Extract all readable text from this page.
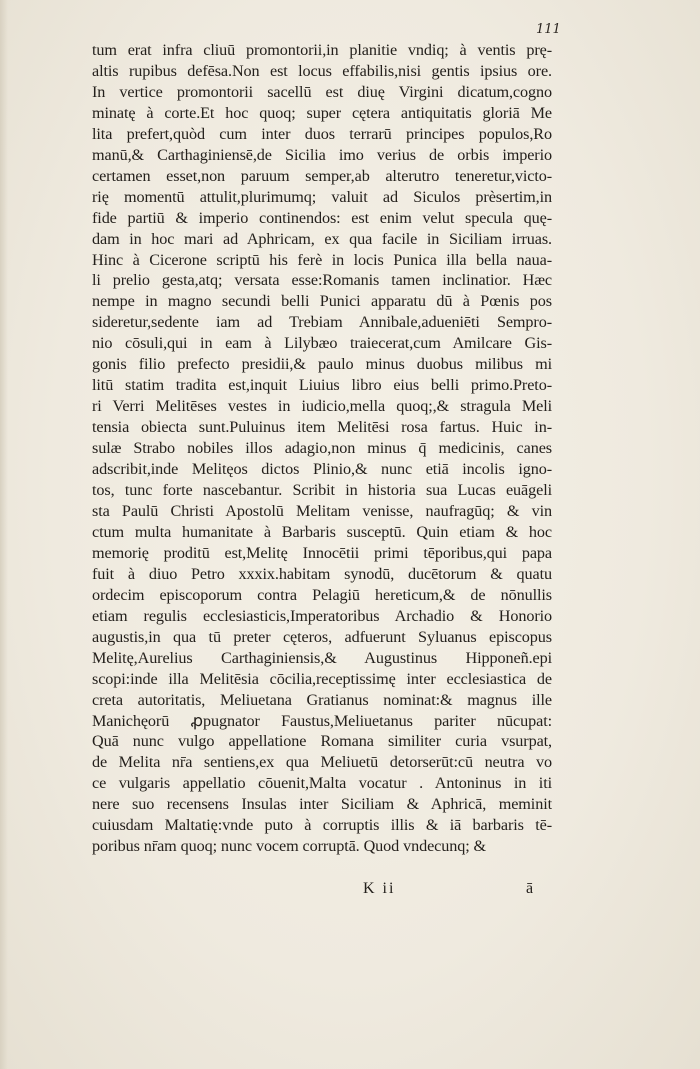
111
tum erat infra cliuū promontorii,in planitie vndiq; à ventis prę-
altis rupibus defēsa.Non est locus effabilis,nisi gentis ipsius ore.
In vertice promontorii sacellū est diuę Virgini dicatum,cogno
minatę à corte.Et hoc quoq; super cętera antiquitatis gloriā Me
lita prefert,quòd cum inter duos terrarū principes populos,Ro
manū,& Carthaginiensē,de Sicilia imo verius de orbis imperio
certamen esset,non paruum semper,ab alterutro teneretur,victo-
rię momentū attulit,plurimumq; valuit ad Siculos prèsertim,in
fide partiū & imperio continendos: est enim velut specula quę-
dam in hoc mari ad Aphricam, ex qua facile in Siciliam irruas.
Hinc à Cicerone scriptū his ferè in locis Punica illa bella naua-
li prelio gesta,atq; versata esse:Romanis tamen inclinatior. Hæc
nempe in magno secundi belli Punici apparatu dū à Pœnis pos
sideretur,sedente iam ad Trebiam Annibale,adueniēti Sempro-
nio cōsuli,qui in eam à Lilybæo traiecerat,cum Amilcare Gis-
gonis filio prefecto presidii,& paulo minus duobus milibus mi
litū statim tradita est,inquit Liuius libro eius belli primo.Preto-
ri Verri Melitēses vestes in iudicio,mella quoq;,& stragula Meli
tensia obiecta sunt.Puluinus item Melitēsi rosa fartus. Huic in-
sulæ Strabo nobiles illos adagio,non minus q̄ medicinis, canes
adscribit,inde Melitęos dictos Plinio,& nunc etiā incolis igno-
tos, tunc forte nascebantur. Scribit in historia sua Lucas euāgeli
sta Paulū Christi Apostolū Melitam venisse, naufragūq; & vin
ctum multa humanitate à Barbaris susceptū. Quin etiam & hoc
memorię proditū est,Melitę Innocētii primi tēporibus,qui papa
fuit à diuo Petro xxxix.habitam synodū, ducētorum & quatu
ordecim episcoporum contra Pelagiū hereticum,& de nōnullis
etiam regulis ecclesiasticis,Imperatoribus Archadio & Honorio
augustis,in qua tū preter cęteros, adfuerunt Syluanus episcopus
Melitę,Aurelius Carthaginiensis,& Augustinus Hipponeñ.epi
scopi:inde illa Melitēsia cōcilia,receptissimę inter ecclesiastica de
creta autoritatis, Meliuetana Gratianus nominat:& magnus ille
Manichęorū ꝓpugnator Faustus,Meliuetanus pariter nūcupat:
Quā nunc vulgo appellatione Romana similiter curia vsurpat,
de Melita nr̄a sentiens,ex qua Meliuetū detorserūt:cū neutra vo
ce vulgaris appellatio cōuenit,Malta vocatur . Antoninus in iti
nere suo recensens Insulas inter Siciliam & Aphricā, meminit
cuiusdam Maltatię:vnde puto à corruptis illis & iā barbaris tē-
poribus nr̄am quoq; nunc vocem corruptā. Quod vndecunq; &
K ii	ā
